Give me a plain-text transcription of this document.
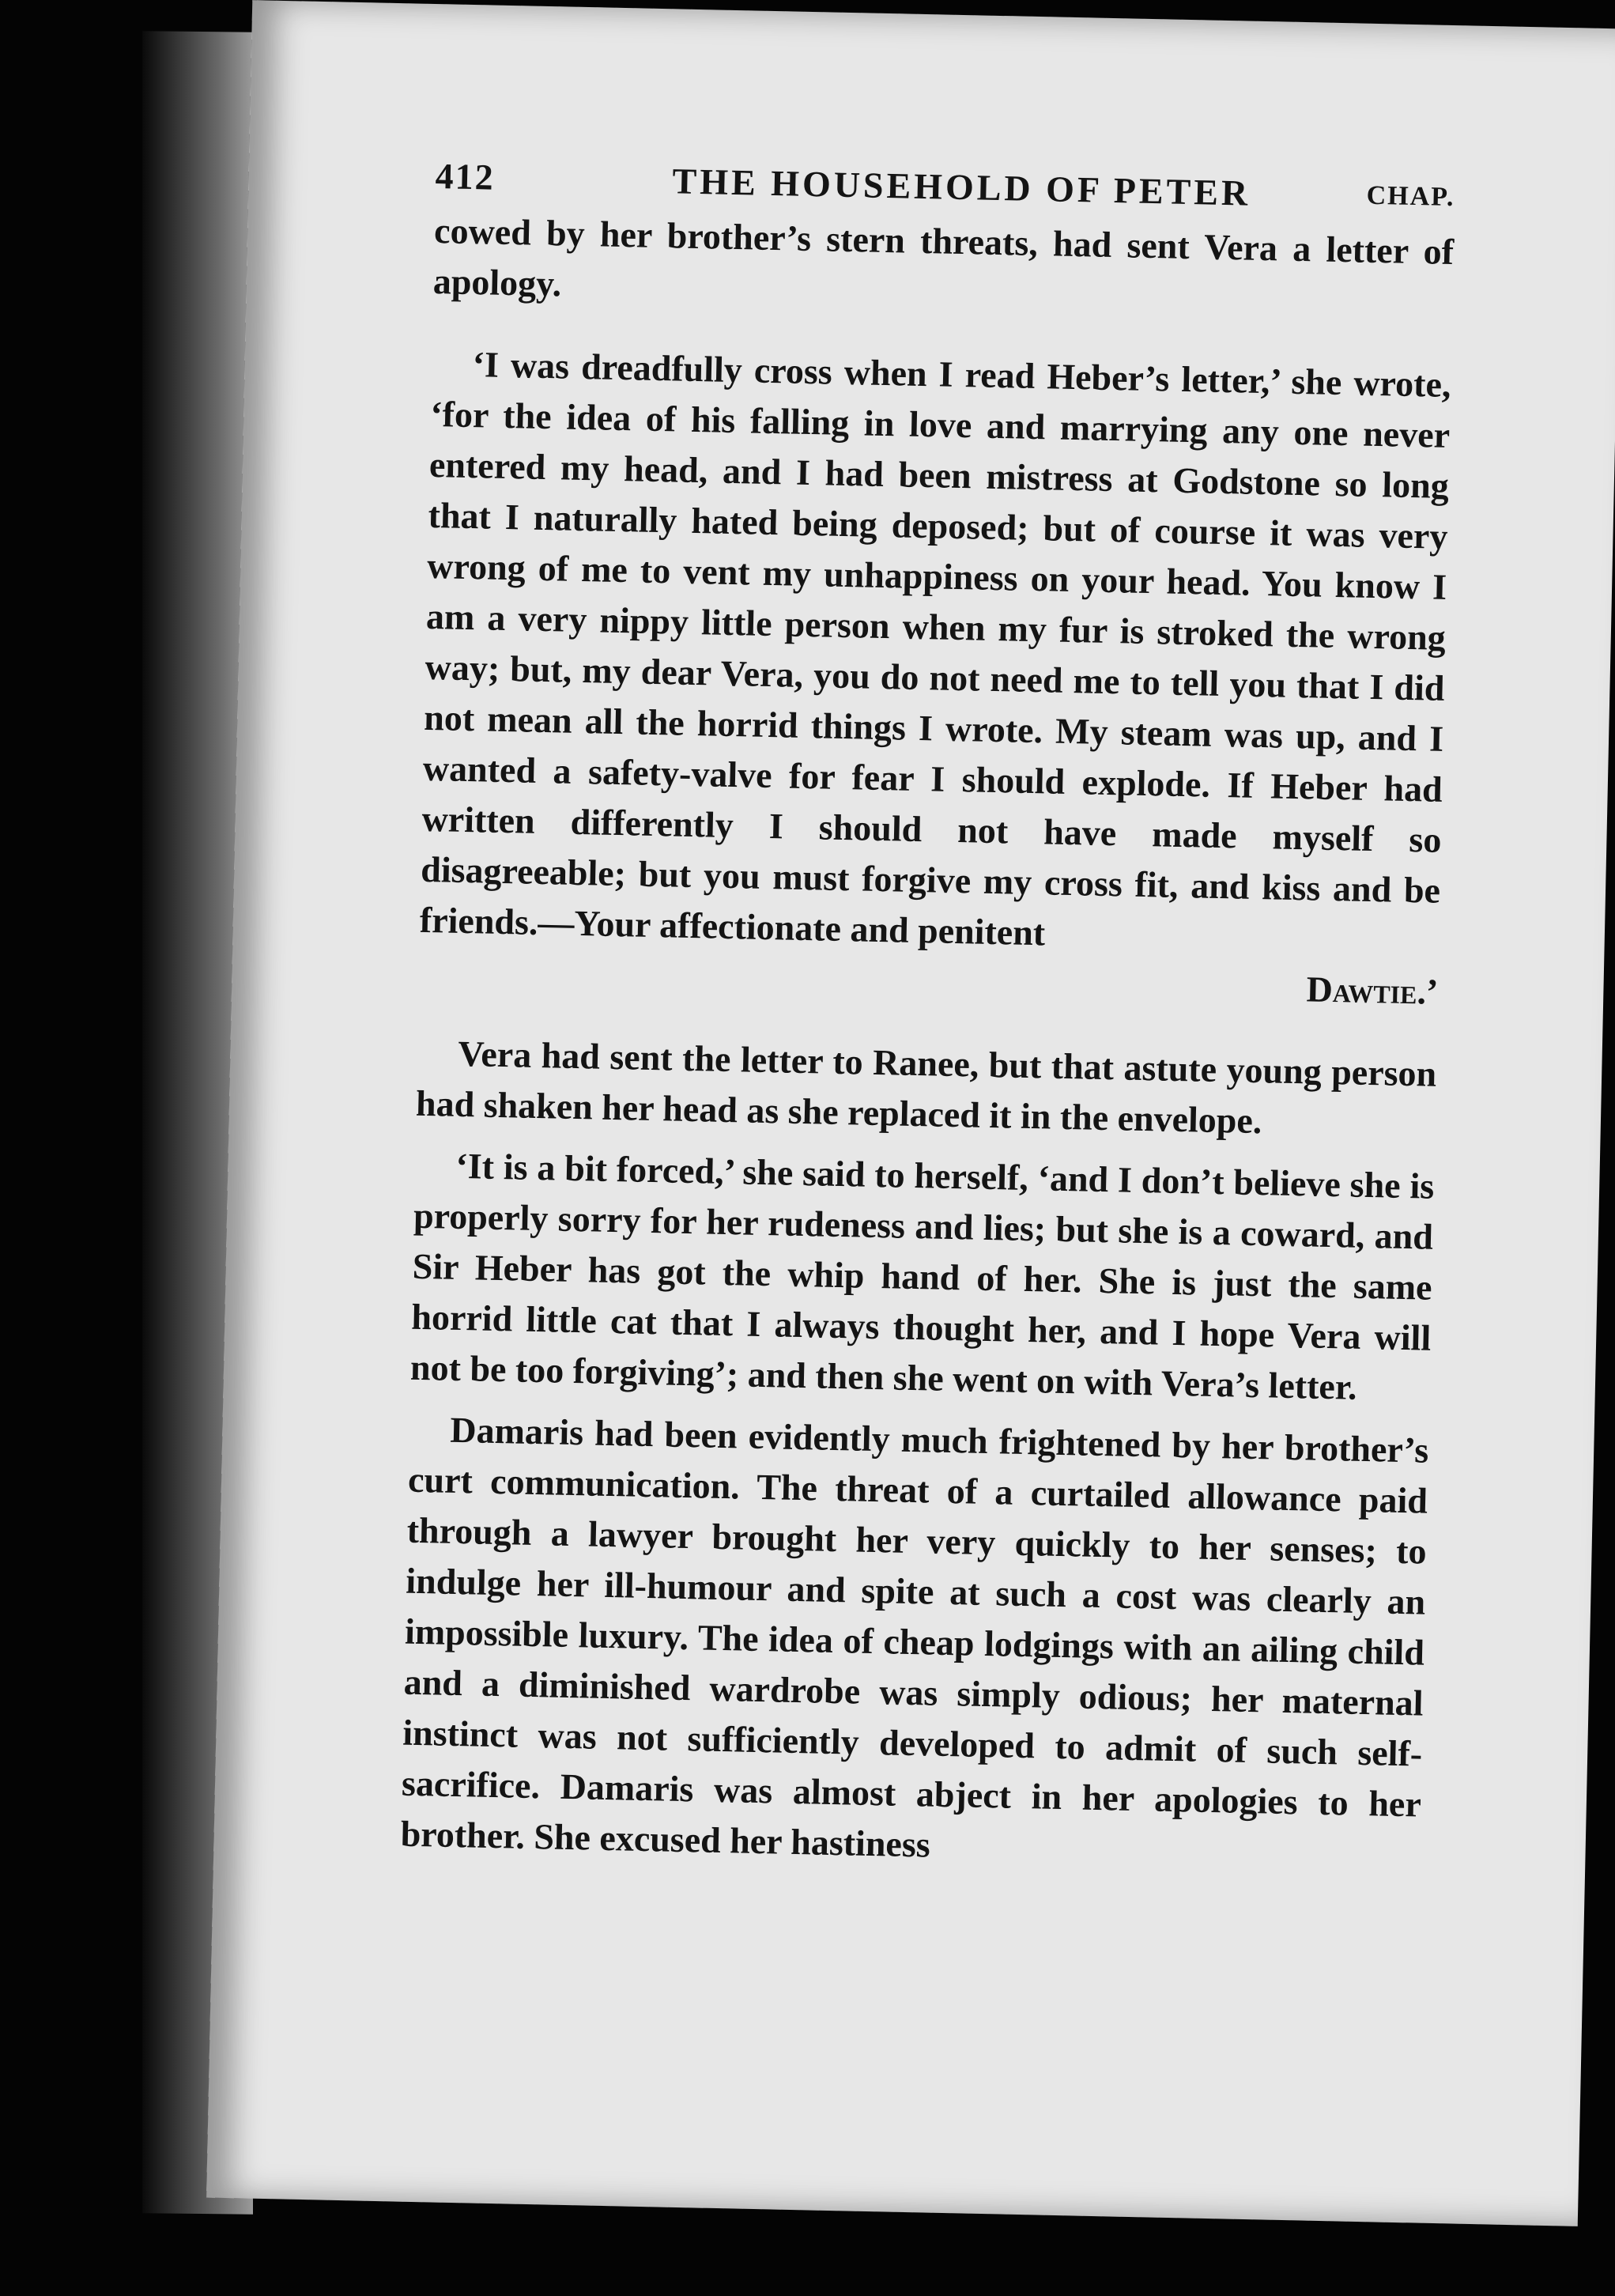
412	THE HOUSEHOLD OF PETER	CHAP.

cowed by her brother’s stern threats, had sent Vera a letter of apology.

‘I was dreadfully cross when I read Heber’s letter,’ she wrote, ‘for the idea of his falling in love and marrying any one never entered my head, and I had been mistress at Godstone so long that I naturally hated being deposed; but of course it was very wrong of me to vent my unhappiness on your head. You know I am a very nippy little person when my fur is stroked the wrong way; but, my dear Vera, you do not need me to tell you that I did not mean all the horrid things I wrote. My steam was up, and I wanted a safety-valve for fear I should explode. If Heber had written differently I should not have made myself so disagreeable; but you must forgive my cross fit, and kiss and be friends.—Your affectionate and penitent

Dawtie.’

Vera had sent the letter to Ranee, but that astute young person had shaken her head as she replaced it in the envelope.

‘It is a bit forced,’ she said to herself, ‘and I don’t believe she is properly sorry for her rudeness and lies; but she is a coward, and Sir Heber has got the whip hand of her. She is just the same horrid little cat that I always thought her, and I hope Vera will not be too forgiving’; and then she went on with Vera’s letter.

Damaris had been evidently much frightened by her brother’s curt communication. The threat of a curtailed allowance paid through a lawyer brought her very quickly to her senses; to indulge her ill-humour and spite at such a cost was clearly an impossible luxury. The idea of cheap lodgings with an ailing child and a diminished wardrobe was simply odious; her maternal instinct was not sufficiently developed to admit of such self-sacrifice. Damaris was almost abject in her apologies to her brother. She excused her hastiness
